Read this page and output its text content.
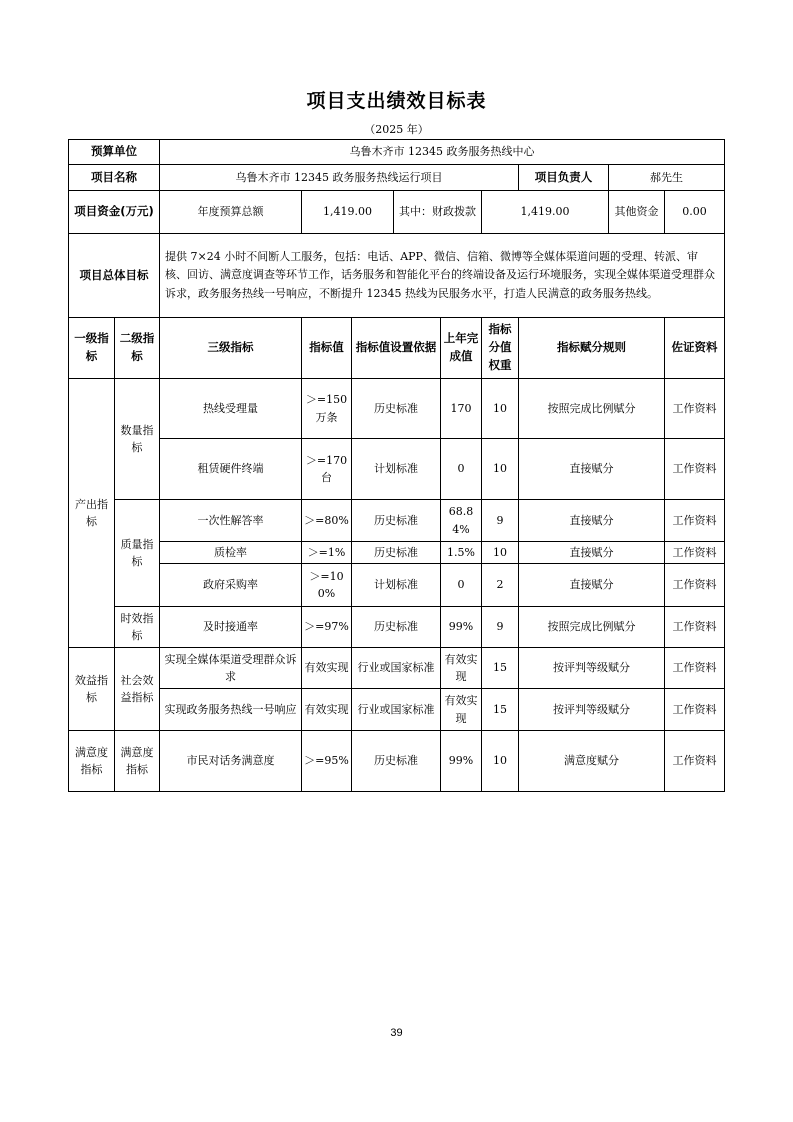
项目支出绩效目标表
（2025 年）
预算单位		乌鲁木齐市 12345 政务服务热线中心								
项目名称		乌鲁木齐市 12345 政务服务热线运行项目						项目负责人	郝先生	
项目资金(万元)		年度预算总额	1,419.00		其中：财政拨款		1,419.00		其他资金	0.00
项目总体目标		提供 7×24 小时不间断人工服务，包括：电话、APP、微信、信箱、微博等全媒体渠道问题的受理、转派、审核、回访、满意度调查等环节工作，话务服务和智能化平台的终端设备及运行环境服务，实现全媒体渠道受理群众诉求，政务服务热线一号响应，不断提升 12345 热线为民服务水平，打造人民满意的政务服务热线。								
一级指标	二级指标	三级指标	指标值	指标值设置依据		上年完成值	指标分值权重	指标赋分规则		佐证资料
产出指标	数量指标	热线受理量	＞=150万条	历史标准		170	10	按照完成比例赋分		工作资料
		租赁硬件终端	＞=170台	计划标准		0	10	直接赋分		工作资料
	质量指标	一次性解答率	＞=80%	历史标准		68.84%	9	直接赋分		工作资料
		质检率	＞=1%	历史标准		1.5%	10	直接赋分		工作资料
		政府采购率	＞=100%	计划标准		0	2	直接赋分		工作资料
	时效指标	及时接通率	＞=97%	历史标准		99%	9	按照完成比例赋分		工作资料
效益指标	社会效益指标	实现全媒体渠道受理群众诉求	有效实现	行业或国家标准		有效实现	15	按评判等级赋分		工作资料
		实现政务服务热线一号响应	有效实现	行业或国家标准		有效实现	15	按评判等级赋分		工作资料
满意度指标	满意度指标	市民对话务满意度	＞=95%	历史标准		99%	10	满意度赋分		工作资料
39
